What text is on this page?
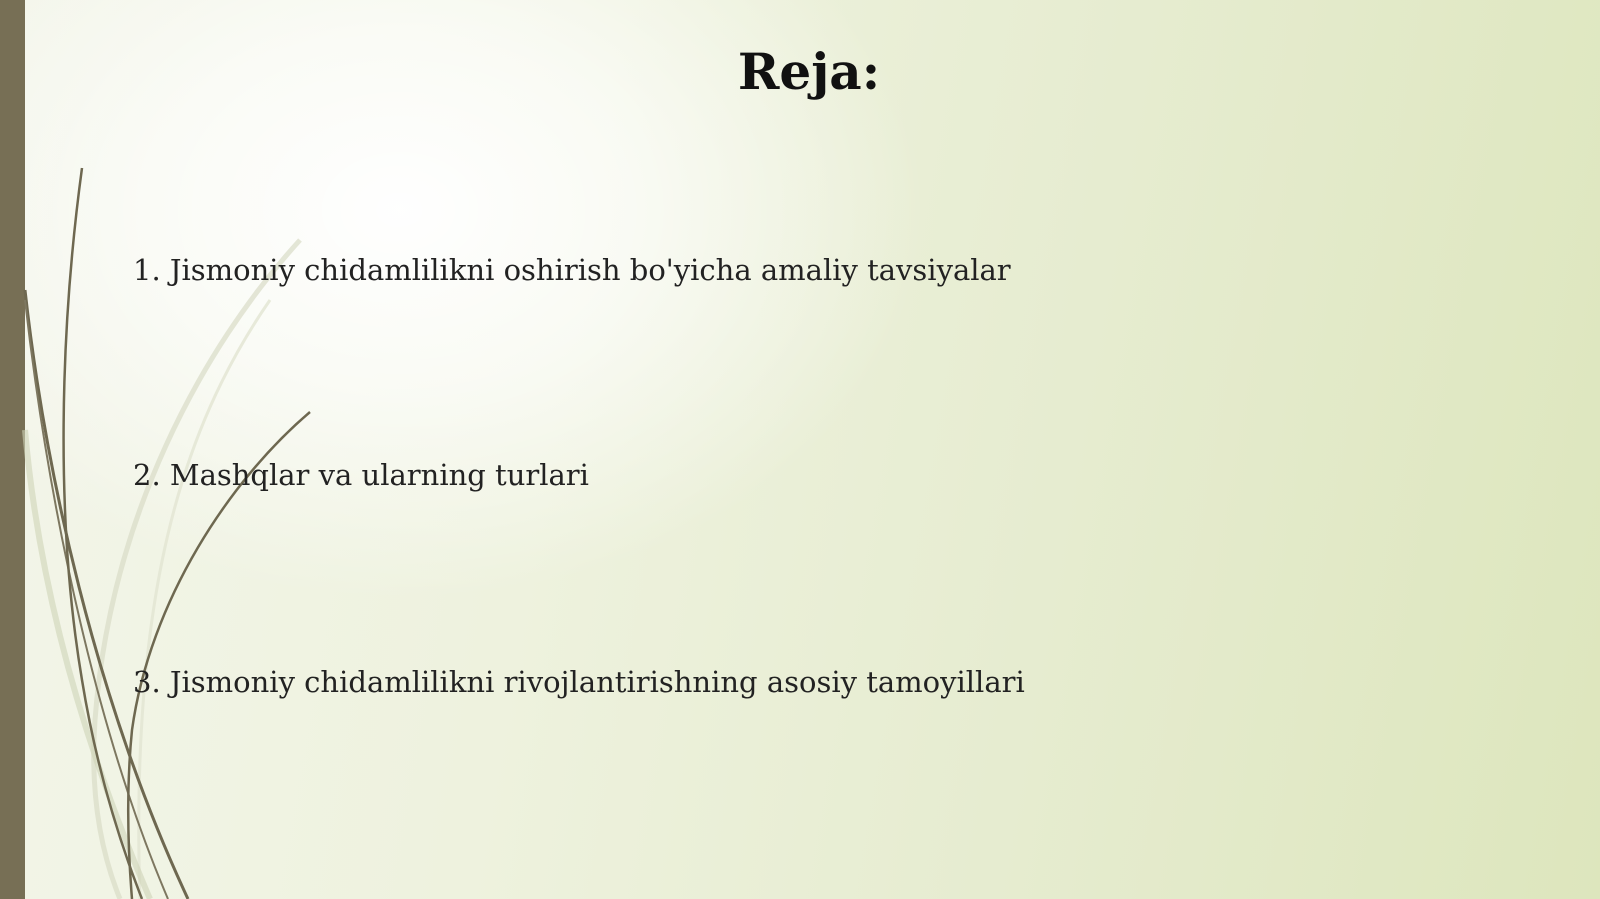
Reja:
1. Jismoniy chidamlilikni oshirish bo'yicha amaliy tavsiyalar
2. Mashqlar va ularning turlari
3. Jismoniy chidamlilikni rivojlantirishning asosiy tamoyillari
